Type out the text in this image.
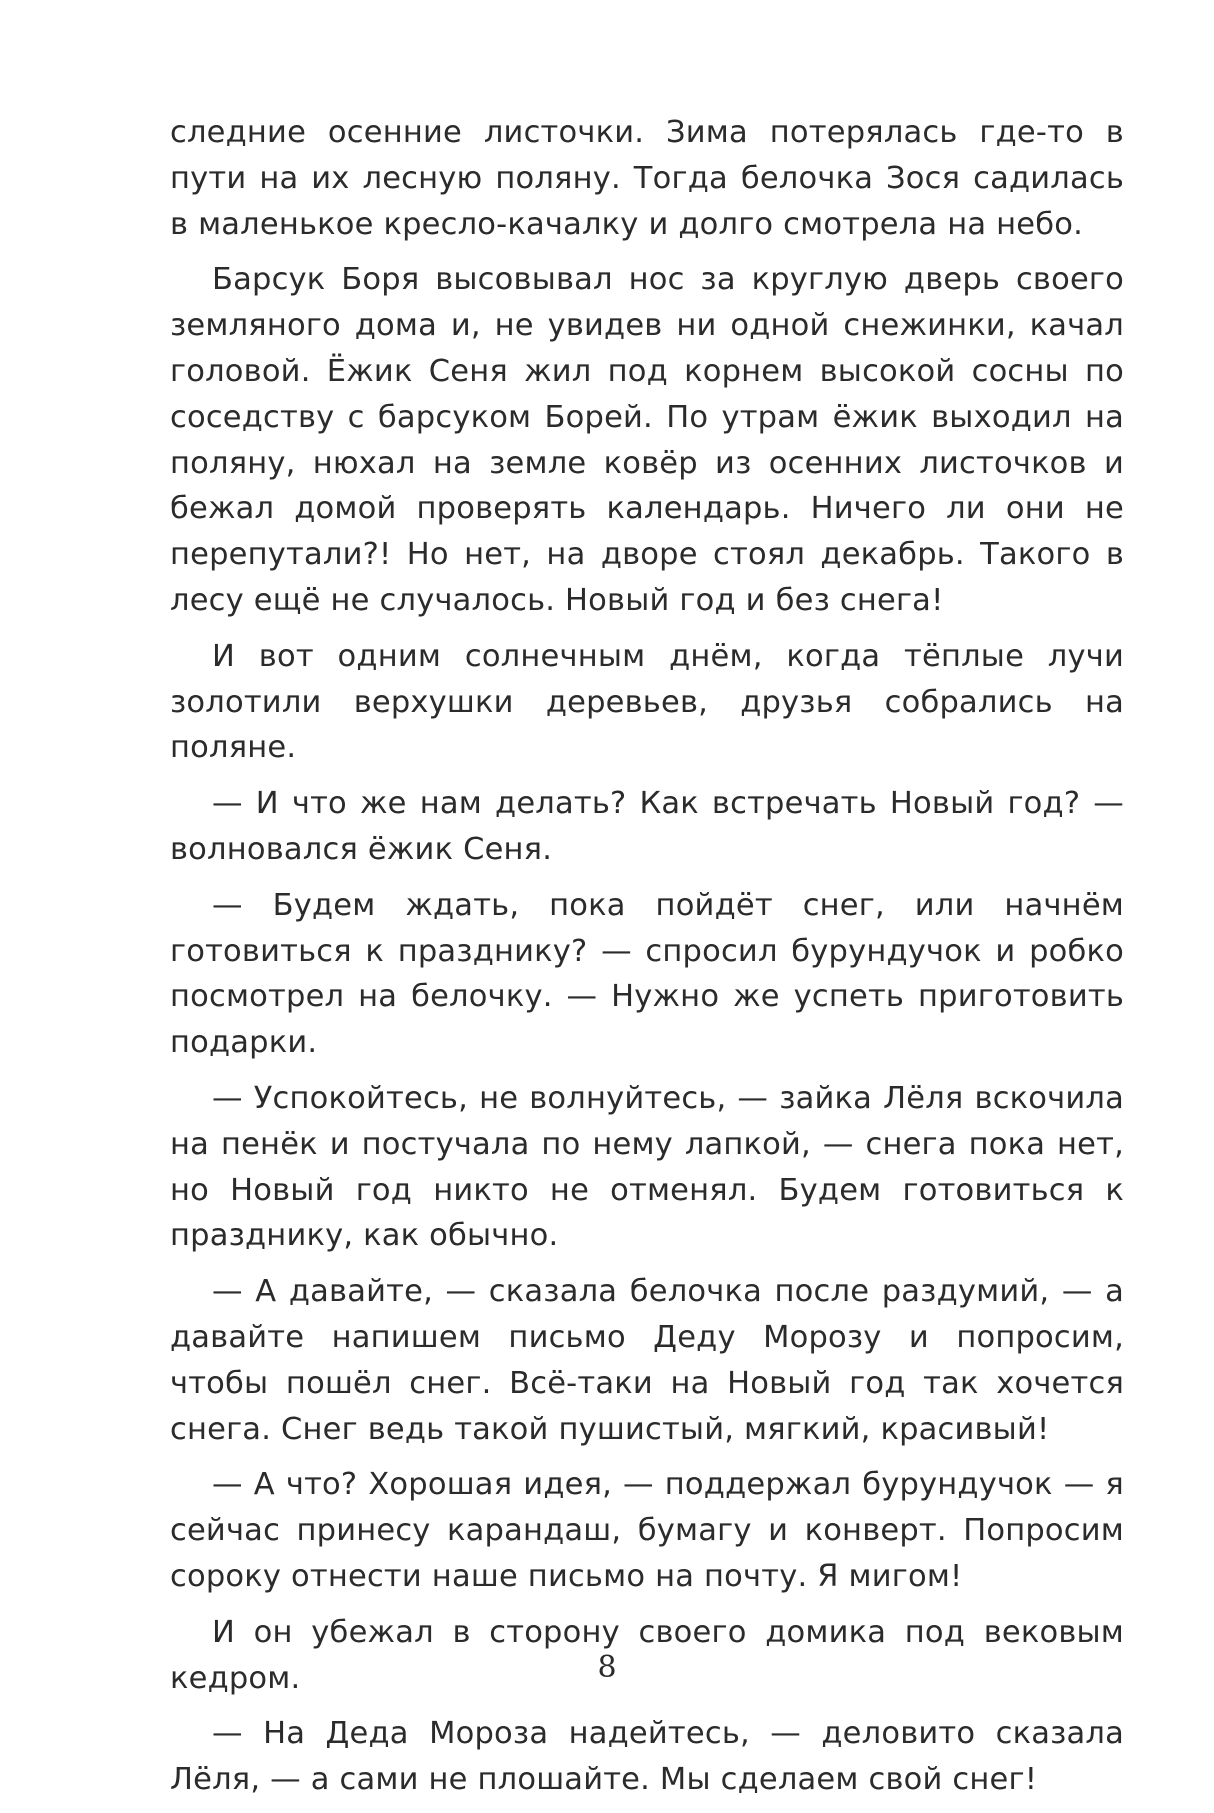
следние осенние листочки. Зима потерялась где-то в пути на их лесную поляну. Тогда белочка Зося садилась в маленькое кресло-качалку и долго смотрела на небо.

Барсук Боря высовывал нос за круглую дверь своего земляного дома и, не увидев ни одной снежинки, качал головой. Ёжик Сеня жил под корнем высокой сосны по соседству с барсуком Борей. По утрам ёжик выходил на поляну, нюхал на земле ковёр из осенних листочков и бежал домой проверять календарь. Ничего ли они не перепутали?! Но нет, на дворе стоял декабрь. Такого в лесу ещё не случалось. Новый год и без снега!

И вот одним солнечным днём, когда тёплые лучи золотили верхушки деревьев, друзья собрались на поляне.

— И что же нам делать? Как встречать Новый год? — волновался ёжик Сеня.

— Будем ждать, пока пойдёт снег, или начнём готовиться к празднику? — спросил бурундучок и робко посмотрел на белочку. — Нужно же успеть приготовить подарки.

— Успокойтесь, не волнуйтесь, — зайка Лёля вскочила на пенёк и постучала по нему лапкой, — снега пока нет, но Новый год никто не отменял. Будем готовиться к празднику, как обычно.

— А давайте, — сказала белочка после раздумий, — а давайте напишем письмо Деду Морозу и попросим, чтобы пошёл снег. Всё-таки на Новый год так хочется снега. Снег ведь такой пушистый, мягкий, красивый!

— А что? Хорошая идея, — поддержал бурундучок — я сейчас принесу карандаш, бумагу и конверт. Попросим сороку отнести наше письмо на почту. Я мигом!

И он убежал в сторону своего домика под вековым кедром.

— На Деда Мороза надейтесь, — деловито сказала Лёля, — а сами не плошайте. Мы сделаем свой снег!

8
